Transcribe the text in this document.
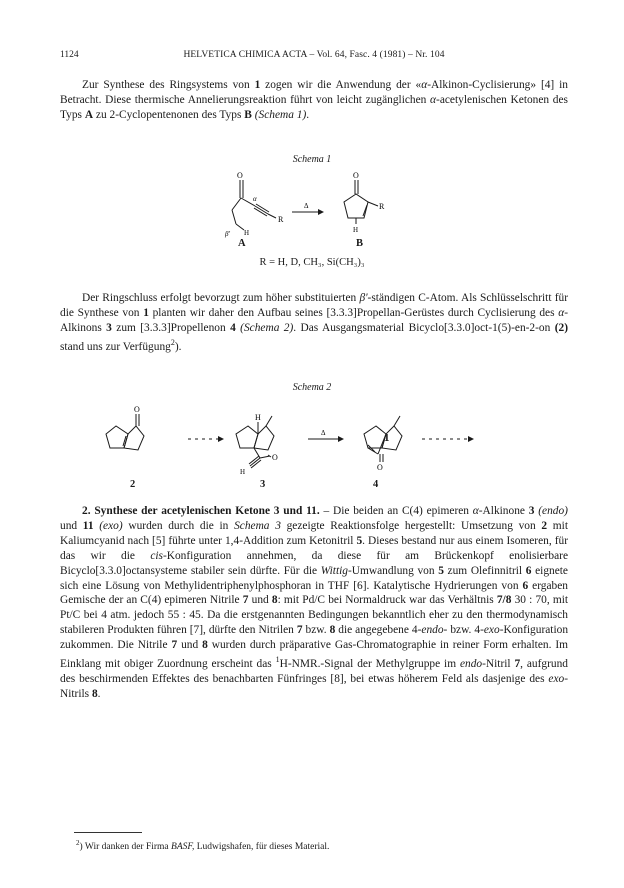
1124	HELVETICA CHIMICA ACTA – Vol. 64, Fasc. 4 (1981) – Nr. 104

Zur Synthese des Ringsystems von 1 zogen wir die Anwendung der «α-Alkinon-Cyclisierung» [4] in Betracht. Diese thermische Annelierungsreaktion führt von leicht zugänglichen α-acetylenischen Ketonen des Typs A zu 2-Cyclopentenonen des Typs B (Schema 1).

Schema 1
O
α
R
β' H
Δ
O
R
H
A	B
R = H, D, CH₃, Si(CH₃)₃

Der Ringschluss erfolgt bevorzugt zum höher substituierten β'-ständigen C-Atom. Als Schlüsselschritt für die Synthese von 1 planten wir daher den Aufbau seines [3.3.3]Propellan-Gerüstes durch Cyclisierung des α-Alkinons 3 zum [3.3.3]Propellenon 4 (Schema 2). Das Ausgangsmaterial Bicyclo[3.3.0]oct-1(5)-en-2-on (2) stand uns zur Verfügung$^2$).

Schema 2
O
H
O
H
Δ
O
1
2	3	4

2. Synthese der acetylenischen Ketone 3 und 11. – Die beiden an C(4) epimeren α-Alkinone 3 (endo) und 11 (exo) wurden durch die in Schema 3 gezeigte Reaktionsfolge hergestellt: Umsetzung von 2 mit Kaliumcyanid nach [5] führte unter 1,4-Addition zum Ketonitril 5. Dieses bestand nur aus einem Isomeren, für das wir die cis-Konfiguration annehmen, da diese für am Brückenkopf enolisierbare Bicyclo[3.3.0]octansysteme stabiler sein dürfte. Für die Wittig-Umwandlung von 5 zum Olefinnitril 6 eignete sich eine Lösung von Methylidentriphenylphosphoran in THF [6]. Katalytische Hydrierungen von 6 ergaben Gemische der an C(4) epimeren Nitrile 7 und 8: mit Pd/C bei Normaldruck war das Verhältnis 7/8 30 : 70, mit Pt/C bei 4 atm. jedoch 55 : 45. Da die erstgenannten Bedingungen bekanntlich eher zu den thermodynamisch stabileren Produkten führen [7], dürfte den Nitrilen 7 bzw. 8 die angegebene 4-endo- bzw. 4-exo-Konfiguration zukommen. Die Nitrile 7 und 8 wurden durch präparative Gas-Chromatographie in reiner Form erhalten. Im Einklang mit obiger Zuordnung erscheint das $^1$H-NMR.-Signal der Methylgruppe im endo-Nitril 7, aufgrund des beschirmenden Effektes des benachbarten Fünfringes [8], bei etwas höherem Feld als dasjenige des exo-Nitrils 8.

$^2$) Wir danken der Firma BASF, Ludwigshafen, für dieses Material.
